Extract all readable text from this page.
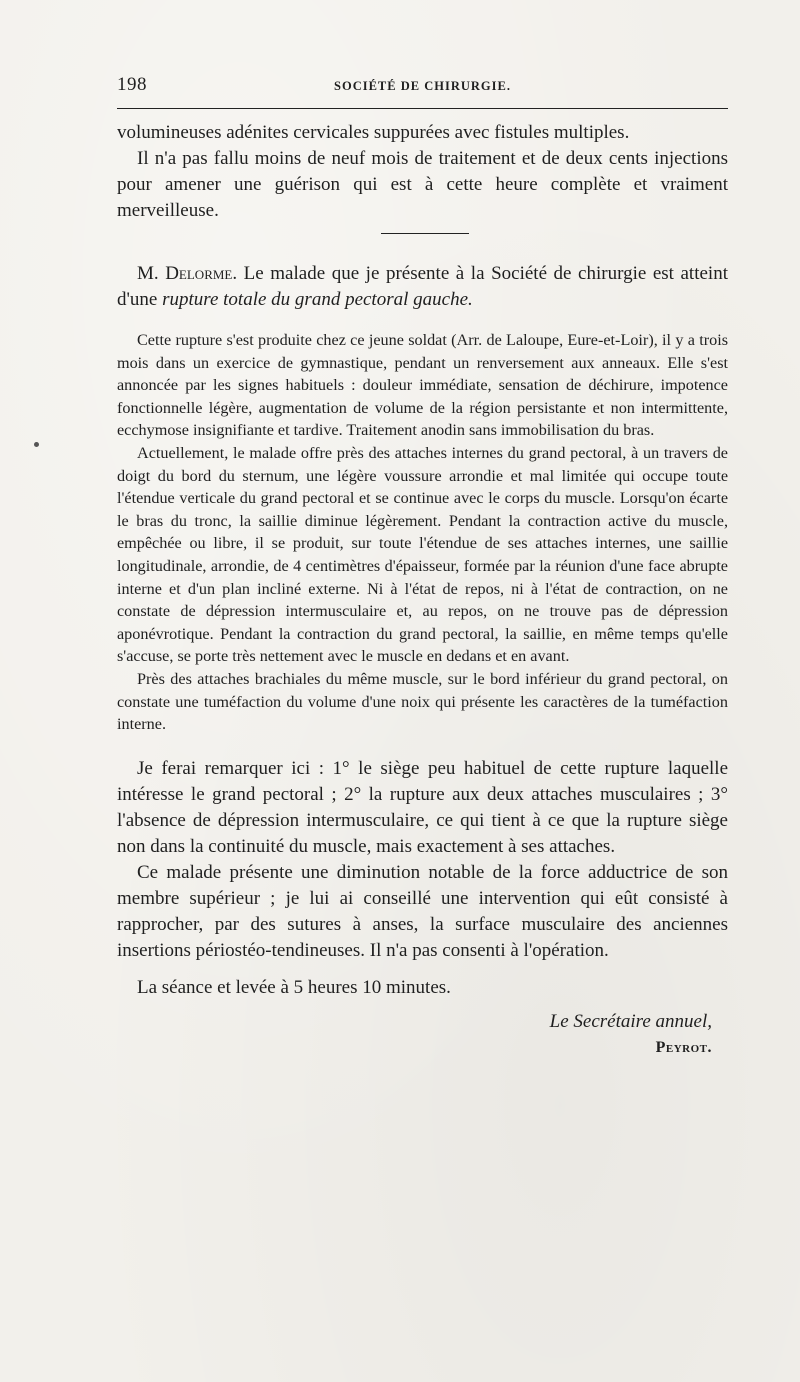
198	SOCIÉTÉ DE CHIRURGIE.

volumineuses adénites cervicales suppurées avec fistules multiples.

Il n'a pas fallu moins de neuf mois de traitement et de deux cents injections pour amener une guérison qui est à cette heure complète et vraiment merveilleuse.

M. Delorme. Le malade que je présente à la Société de chirurgie est atteint d'une rupture totale du grand pectoral gauche.

Cette rupture s'est produite chez ce jeune soldat (Arr. de Laloupe, Eure-et-Loir), il y a trois mois dans un exercice de gymnastique, pendant un renversement aux anneaux. Elle s'est annoncée par les signes habituels : douleur immédiate, sensation de déchirure, impotence fonctionnelle légère, augmentation de volume de la région persistante et non intermittente, ecchymose insignifiante et tardive. Traitement anodin sans immobilisation du bras.

Actuellement, le malade offre près des attaches internes du grand pectoral, à un travers de doigt du bord du sternum, une légère voussure arrondie et mal limitée qui occupe toute l'étendue verticale du grand pectoral et se continue avec le corps du muscle. Lorsqu'on écarte le bras du tronc, la saillie diminue légèrement. Pendant la contraction active du muscle, empêchée ou libre, il se produit, sur toute l'étendue de ses attaches internes, une saillie longitudinale, arrondie, de 4 centimètres d'épaisseur, formée par la réunion d'une face abrupte interne et d'un plan incliné externe. Ni à l'état de repos, ni à l'état de contraction, on ne constate de dépression intermusculaire et, au repos, on ne trouve pas de dépression aponévrotique. Pendant la contraction du grand pectoral, la saillie, en même temps qu'elle s'accuse, se porte très nettement avec le muscle en dedans et en avant.

Près des attaches brachiales du même muscle, sur le bord inférieur du grand pectoral, on constate une tuméfaction du volume d'une noix qui présente les caractères de la tuméfaction interne.

Je ferai remarquer ici : 1° le siège peu habituel de cette rupture laquelle intéresse le grand pectoral ; 2° la rupture aux deux attaches musculaires ; 3° l'absence de dépression intermusculaire, ce qui tient à ce que la rupture siège non dans la continuité du muscle, mais exactement à ses attaches.

Ce malade présente une diminution notable de la force adductrice de son membre supérieur ; je lui ai conseillé une intervention qui eût consisté à rapprocher, par des sutures à anses, la surface musculaire des anciennes insertions périostéo-tendineuses. Il n'a pas consenti à l'opération.

La séance et levée à 5 heures 10 minutes.

Le Secrétaire annuel,

Peyrot.
